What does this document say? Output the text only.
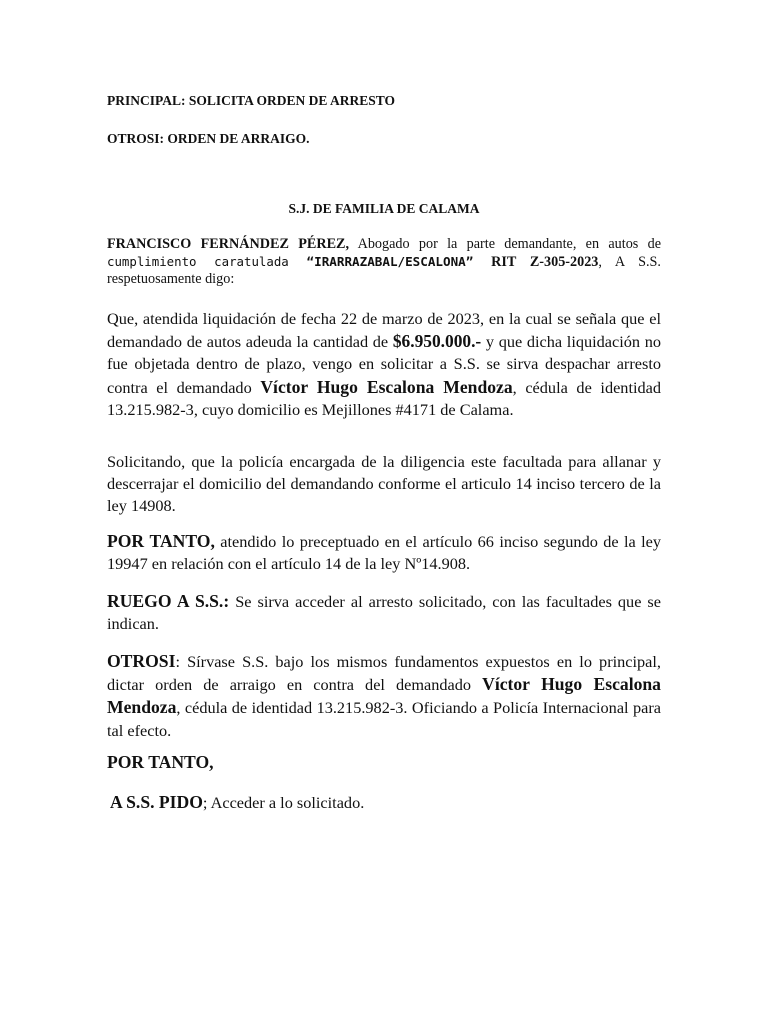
PRINCIPAL: SOLICITA ORDEN DE ARRESTO
OTROSI: ORDEN DE ARRAIGO.
S.J. DE FAMILIA DE CALAMA
FRANCISCO FERNÁNDEZ PÉREZ, Abogado por la parte demandante, en autos de cumplimiento caratulada “IRARRAZABAL/ESCALONA” RIT Z-305-2023, A S.S. respetuosamente digo:
Que, atendida liquidación de fecha 22 de marzo de 2023, en la cual se señala que el demandado de autos adeuda la cantidad de $6.950.000.- y que dicha liquidación no fue objetada dentro de plazo, vengo en solicitar a S.S. se sirva despachar arresto contra el demandado Víctor Hugo Escalona Mendoza, cédula de identidad 13.215.982-3, cuyo domicilio es Mejillones #4171 de Calama.
Solicitando, que la policía encargada de la diligencia este facultada para allanar y descerrajar el domicilio del demandando conforme el articulo 14 inciso tercero de la ley 14908.
POR TANTO, atendido lo preceptuado en el artículo 66 inciso segundo de la ley 19947 en relación con el artículo 14 de la ley Nº14.908.
RUEGO A S.S.: Se sirva acceder al arresto solicitado, con las facultades que se indican.
OTROSI: Sírvase S.S. bajo los mismos fundamentos expuestos en lo principal, dictar orden de arraigo en contra del demandado Víctor Hugo Escalona Mendoza, cédula de identidad 13.215.982-3. Oficiando a Policía Internacional para tal efecto.
POR TANTO,
A S.S. PIDO; Acceder a lo solicitado.
